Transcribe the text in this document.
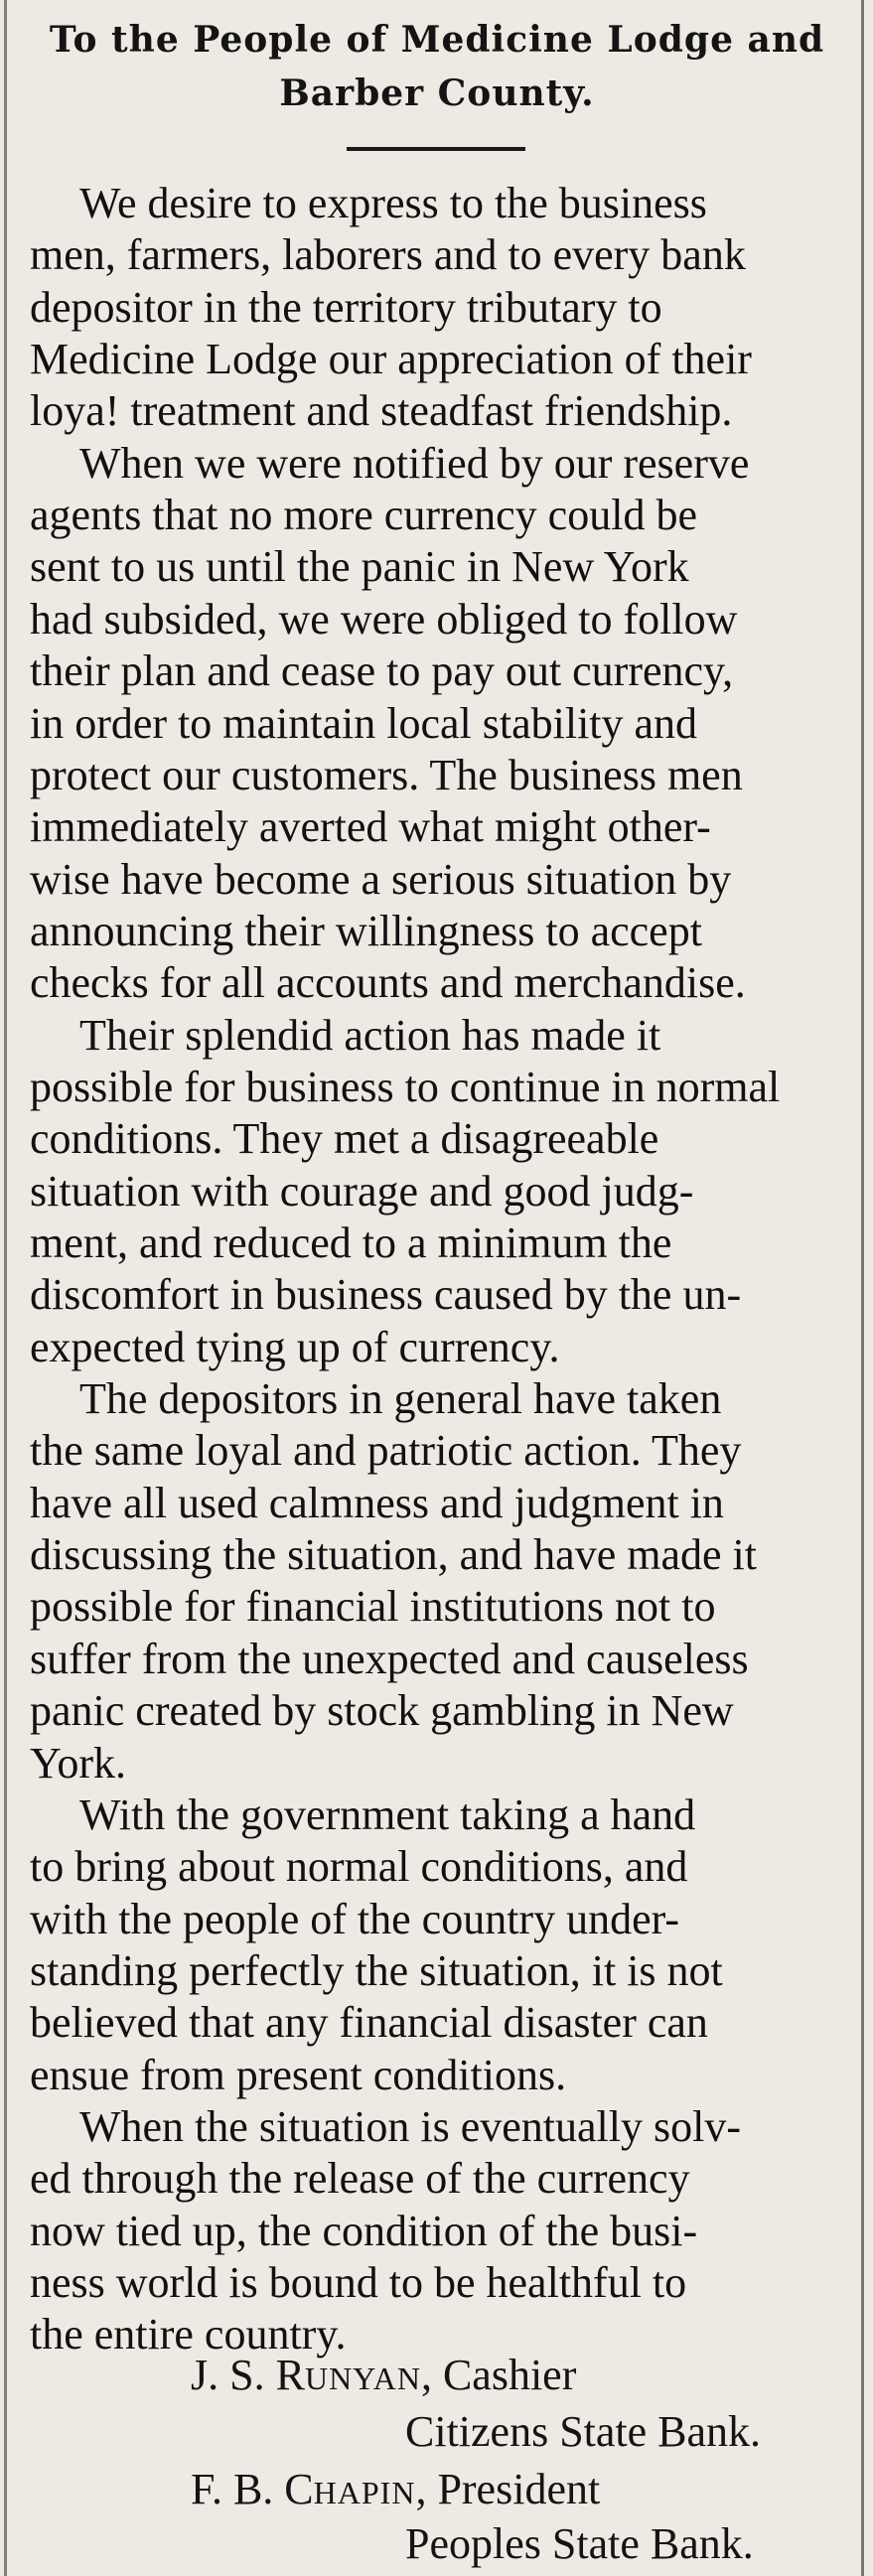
To the People of Medicine Lodge and
Barber County.
We desire to express to the business
men, farmers, laborers and to every bank
depositor in the territory tributary to
Medicine Lodge our appreciation of their
loya! treatment and steadfast friendship.
When we were notified by our reserve
agents that no more currency could be
sent to us until the panic in New York
had subsided, we were obliged to follow
their plan and cease to pay out currency,
in order to maintain local stability and
protect our customers. The business men
immediately averted what might other-
wise have become a serious situation by
announcing their willingness to accept
checks for all accounts and merchandise.
Their splendid action has made it
possible for business to continue in normal
conditions. They met a disagreeable
situation with courage and good judg-
ment, and reduced to a minimum the
discomfort in business caused by the un-
expected tying up of currency.
The depositors in general have taken
the same loyal and patriotic action. They
have all used calmness and judgment in
discussing the situation, and have made it
possible for financial institutions not to
suffer from the unexpected and causeless
panic created by stock gambling in New
York.
With the government taking a hand
to bring about normal conditions, and
with the people of the country under-
standing perfectly the situation, it is not
believed that any financial disaster can
ensue from present conditions.
When the situation is eventually solv-
ed through the release of the currency
now tied up, the condition of the busi-
ness world is bound to be healthful to
the entire country.
J. S. RUNYAN, Cashier
Citizens State Bank.
F. B. CHAPIN, President
Peoples State Bank.
